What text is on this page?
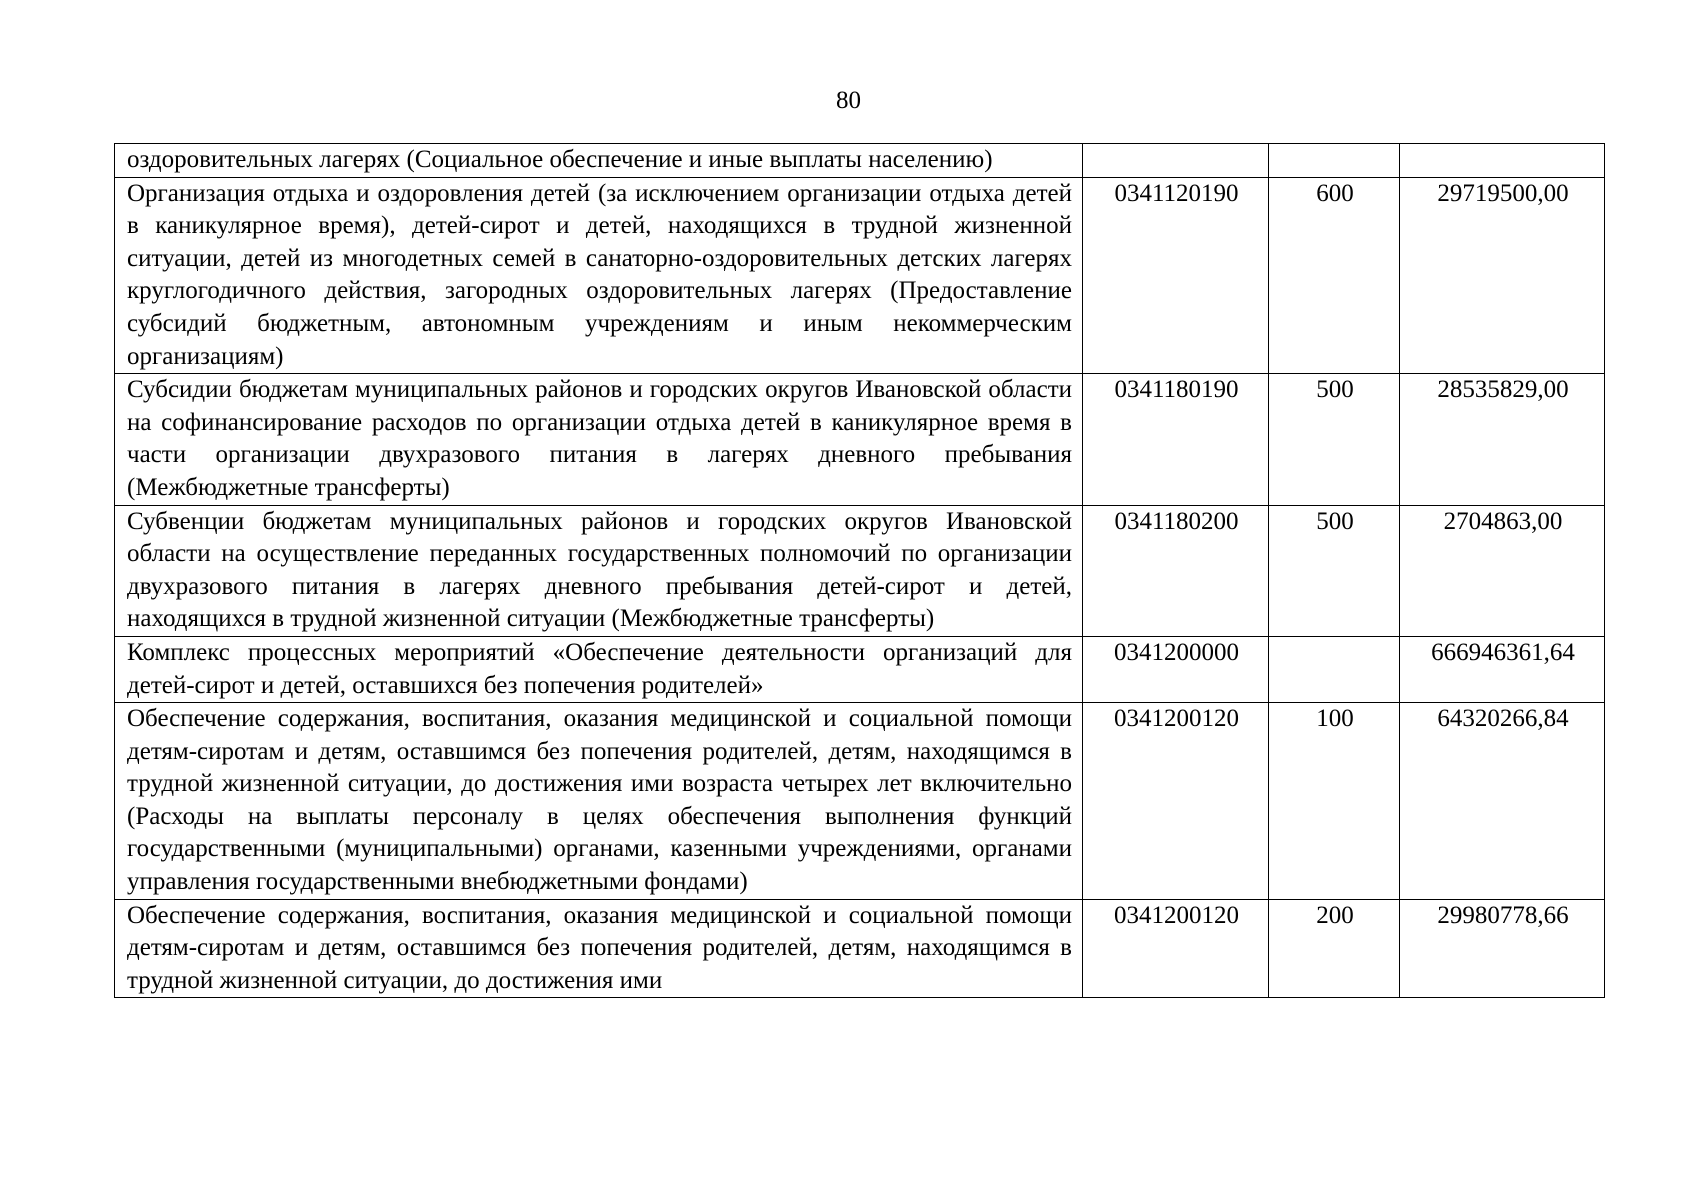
80
оздоровительных лагерях (Социальное обеспечение и иные выплаты населению)			
Организация отдыха и оздоровления детей (за исключением организации отдыха детей в каникулярное время), детей-сирот и детей, находящихся в трудной жизненной ситуации, детей из многодетных семей в санаторно-оздоровительных детских лагерях круглогодичного действия, загородных оздоровительных лагерях (Предоставление субсидий бюджетным, автономным учреждениям и иным некоммерческим организациям)	0341120190	600	29719500,00
Субсидии бюджетам муниципальных районов и городских округов Ивановской области на софинансирование расходов по организации отдыха детей в каникулярное время в части организации двухразового питания в лагерях дневного пребывания (Межбюджетные трансферты)	0341180190	500	28535829,00
Субвенции бюджетам муниципальных районов и городских округов Ивановской области на осуществление переданных государственных полномочий по организации двухразового питания в лагерях дневного пребывания детей-сирот и детей, находящихся в трудной жизненной ситуации (Межбюджетные трансферты)	0341180200	500	2704863,00
Комплекс процессных мероприятий «Обеспечение деятельности организаций для детей-сирот и детей, оставшихся без попечения родителей»	0341200000		666946361,64
Обеспечение содержания, воспитания, оказания медицинской и социальной помощи детям-сиротам и детям, оставшимся без попечения родителей, детям, находящимся в трудной жизненной ситуации, до достижения ими возраста четырех лет включительно (Расходы на выплаты персоналу в целях обеспечения выполнения функций государственными (муниципальными) органами, казенными учреждениями, органами управления государственными внебюджетными фондами)	0341200120	100	64320266,84
Обеспечение содержания, воспитания, оказания медицинской и социальной помощи детям-сиротам и детям, оставшимся без попечения родителей, детям, находящимся в трудной жизненной ситуации, до достижения ими	0341200120	200	29980778,66
